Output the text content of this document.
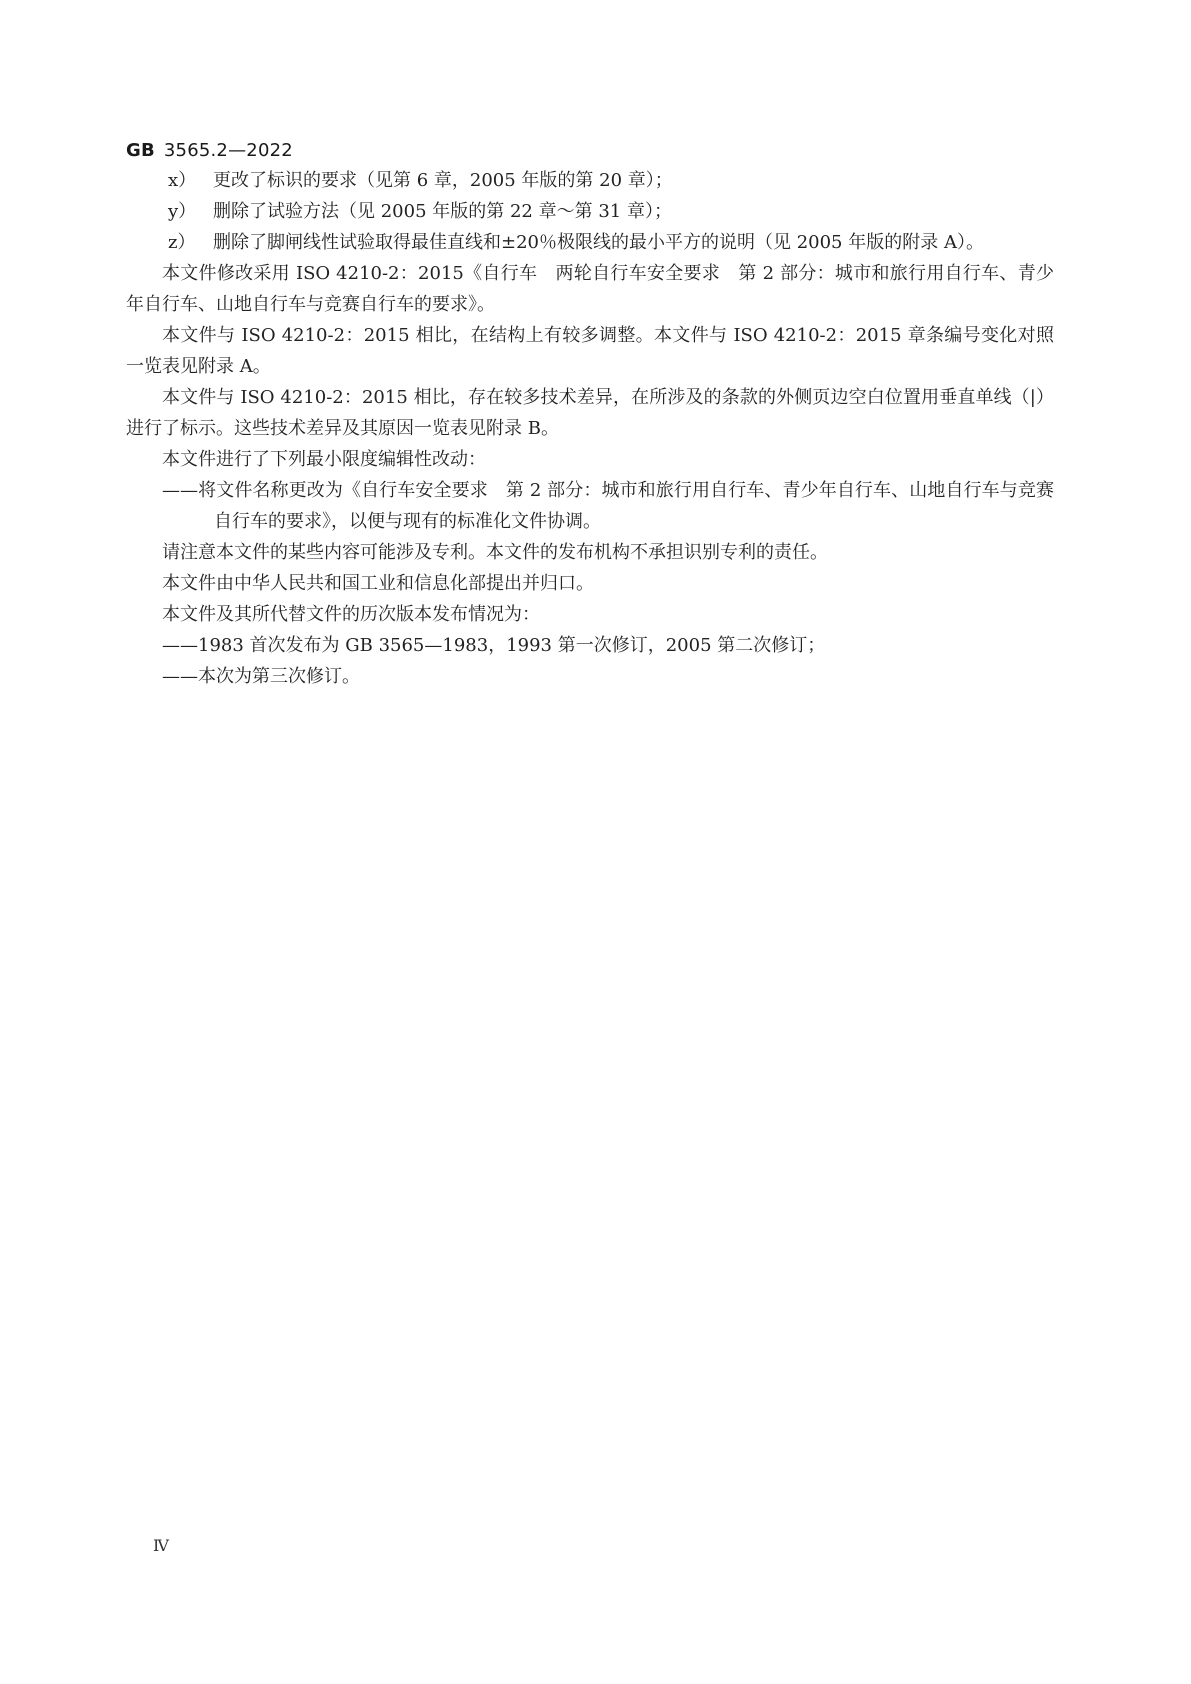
GB 3565.2—2022
x） 更改了标识的要求（见第 6 章，2005 年版的第 20 章）；
y） 删除了试验方法（见 2005 年版的第 22 章～第 31 章）；
z） 删除了脚闸线性试验取得最佳直线和±20％极限线的最小平方的说明（见 2005 年版的附录 A）。
本文件修改采用 ISO 4210-2：2015《自行车　两轮自行车安全要求　第 2 部分：城市和旅行用自行车、青少年自行车、山地自行车与竞赛自行车的要求》。
本文件与 ISO 4210-2：2015 相比，在结构上有较多调整。本文件与 ISO 4210-2：2015 章条编号变化对照一览表见附录 A。
本文件与 ISO 4210-2：2015 相比，存在较多技术差异，在所涉及的条款的外侧页边空白位置用垂直单线（|）进行了标示。这些技术差异及其原因一览表见附录 B。
本文件进行了下列最小限度编辑性改动：
——将文件名称更改为《自行车安全要求　第 2 部分：城市和旅行用自行车、青少年自行车、山地自行车与竞赛自行车的要求》，以便与现有的标准化文件协调。
请注意本文件的某些内容可能涉及专利。本文件的发布机构不承担识别专利的责任。
本文件由中华人民共和国工业和信息化部提出并归口。
本文件及其所代替文件的历次版本发布情况为：
——1983 首次发布为 GB 3565—1983，1993 第一次修订，2005 第二次修订；
——本次为第三次修订。
Ⅳ
